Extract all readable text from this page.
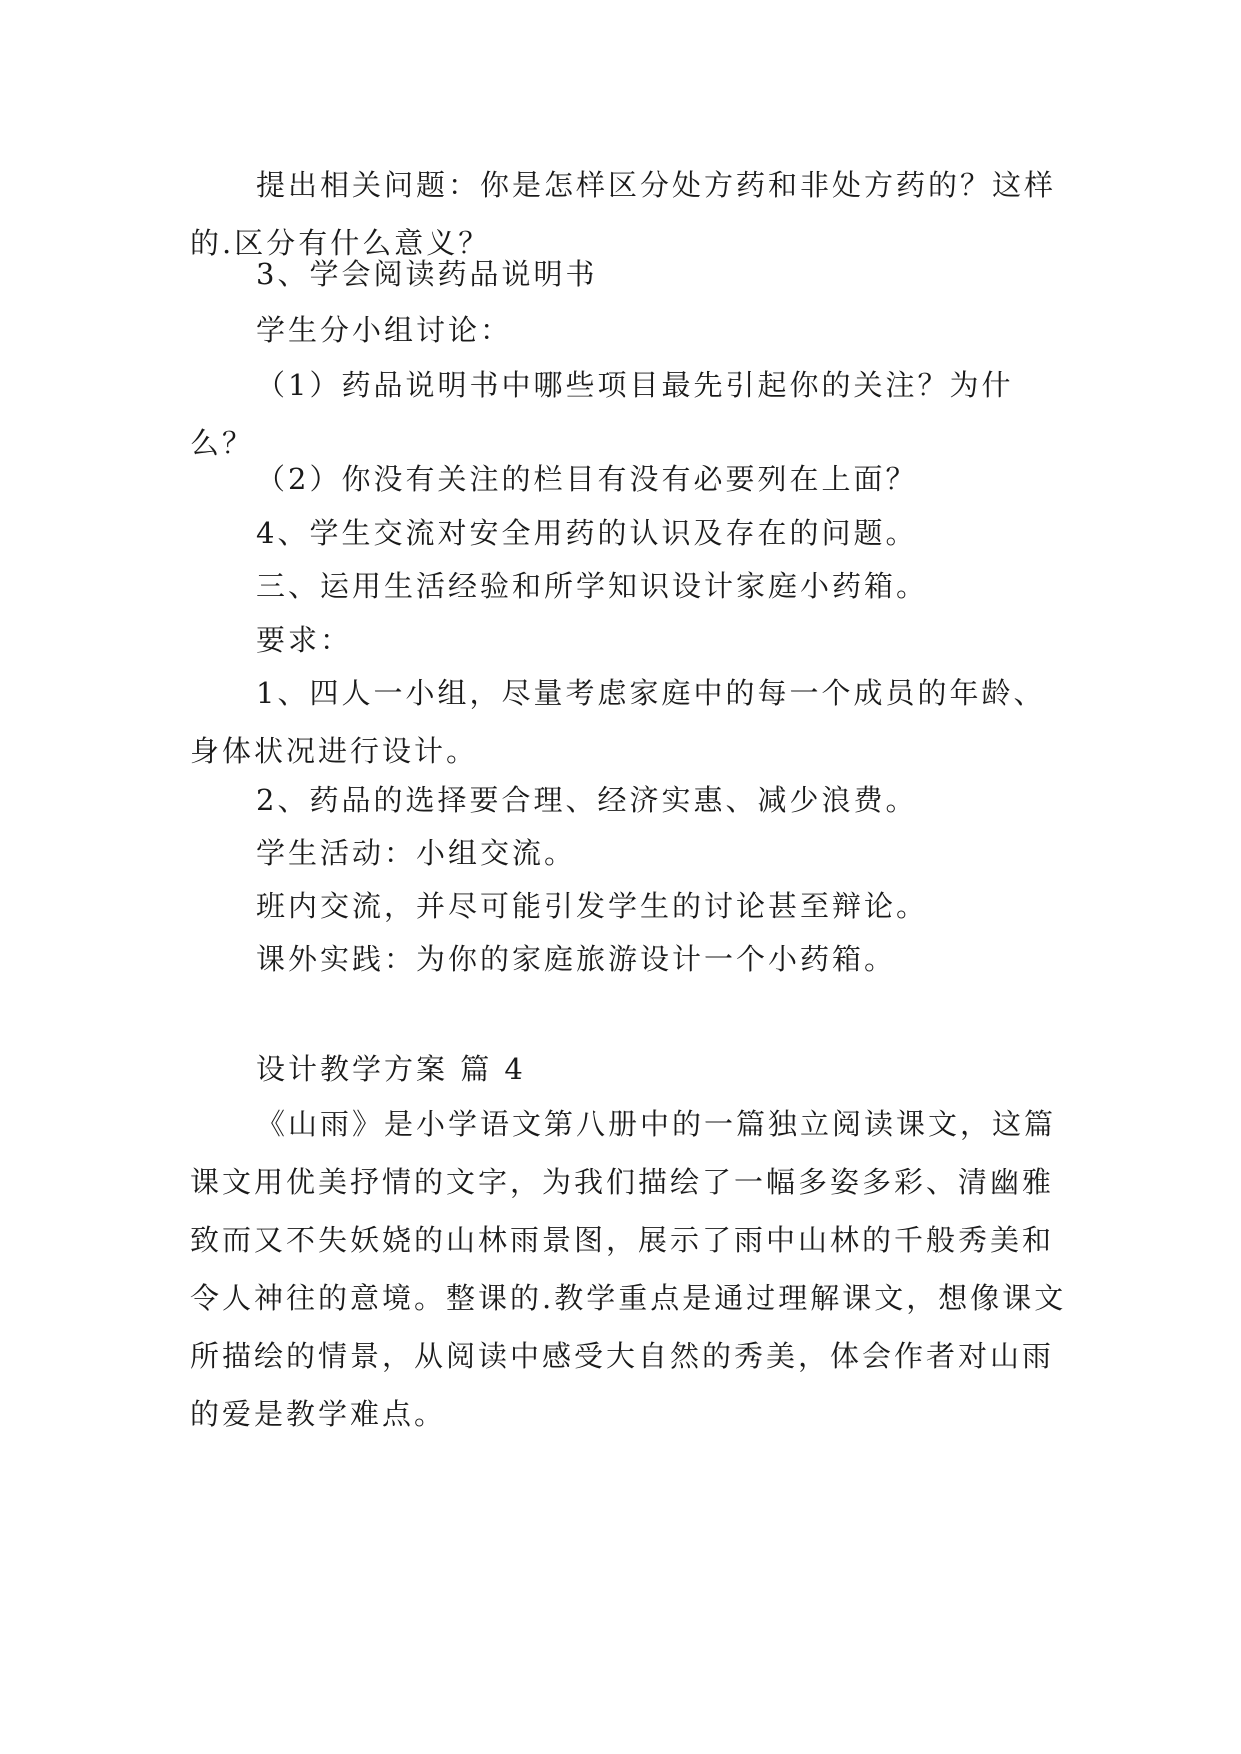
提出相关问题：你是怎样区分处方药和非处方药的？这样的.区分有什么意义？

3、学会阅读药品说明书

学生分小组讨论：

（1）药品说明书中哪些项目最先引起你的关注？为什么？

（2）你没有关注的栏目有没有必要列在上面？

4、学生交流对安全用药的认识及存在的问题。

三、运用生活经验和所学知识设计家庭小药箱。

要求：

1、四人一小组，尽量考虑家庭中的每一个成员的年龄、身体状况进行设计。

2、药品的选择要合理、经济实惠、减少浪费。

学生活动：小组交流。

班内交流，并尽可能引发学生的讨论甚至辩论。

课外实践：为你的家庭旅游设计一个小药箱。

设计教学方案 篇 4

《山雨》是小学语文第八册中的一篇独立阅读课文，这篇课文用优美抒情的文字，为我们描绘了一幅多姿多彩、清幽雅致而又不失妖娆的山林雨景图，展示了雨中山林的千般秀美和令人神往的意境。整课的.教学重点是通过理解课文，想像课文所描绘的情景，从阅读中感受大自然的秀美，体会作者对山雨的爱是教学难点。
